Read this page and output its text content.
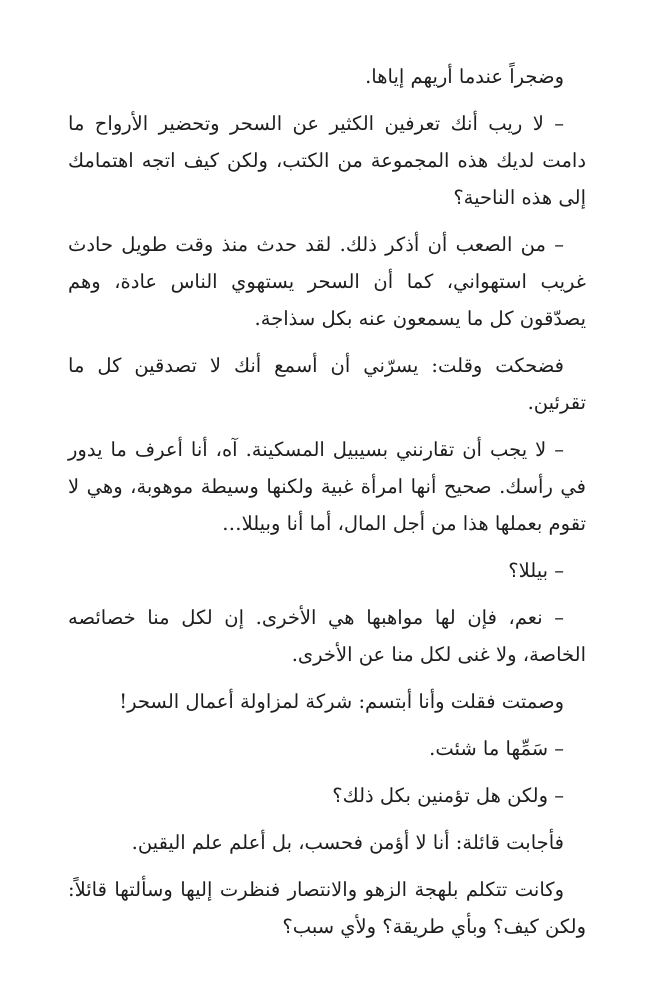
وضجراً عندما أريهم إياها.

– لا ريب أنك تعرفين الكثير عن السحر وتحضير الأرواح ما دامت لديك هذه المجموعة من الكتب، ولكن كيف اتجه اهتمامك إلى هذه الناحية؟

– من الصعب أن أذكر ذلك. لقد حدث منذ وقت طويل حادث غريب استهواني، كما أن السحر يستهوي الناس عادة، وهم يصدّقون كل ما يسمعون عنه بكل سذاجة.

فضحكت وقلت: يسرّني أن أسمع أنك لا تصدقين كل ما تقرئين.

– لا يجب أن تقارنني بسيبيل المسكينة. آه، أنا أعرف ما يدور في رأسك. صحيح أنها امرأة غبية ولكنها وسيطة موهوبة، وهي لا تقوم بعملها هذا من أجل المال، أما أنا وبيللا…

– بيللا؟

– نعم، فإن لها مواهبها هي الأخرى. إن لكل منا خصائصه الخاصة، ولا غنى لكل منا عن الأخرى.

وصمتت فقلت وأنا أبتسم: شركة لمزاولة أعمال السحر!

– سَمِّها ما شئت.

– ولكن هل تؤمنين بكل ذلك؟

فأجابت قائلة: أنا لا أؤمن فحسب، بل أعلم علم اليقين.

وكانت تتكلم بلهجة الزهو والانتصار فنظرت إليها وسألتها قائلاً: ولكن كيف؟ وبأي طريقة؟ ولأي سبب؟
